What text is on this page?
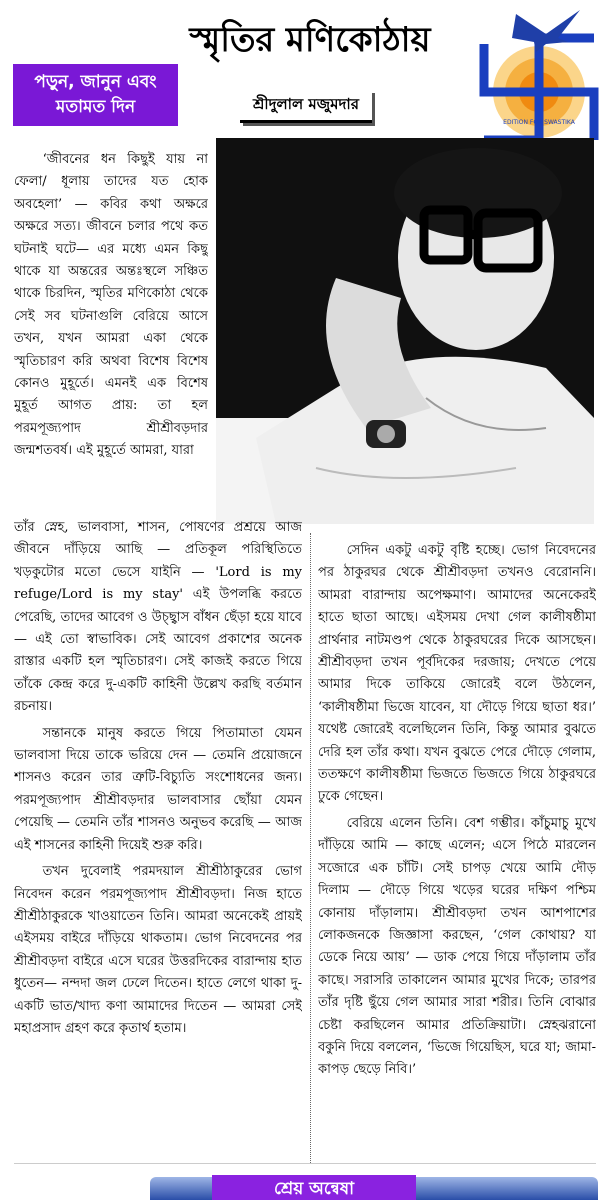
স্মৃতির মণিকোঠায়
পড়ুন, জানুন এবং
মতামত দিন	শ্রীদুলাল মজুমদার
EDITION FOR SWASTIKA

‘জীবনের ধন কিছুই যায় না ফেলা/ ধূলায় তাদের যত হোক অবহেলা’ — কবির কথা অক্ষরে অক্ষরে সত্য। জীবনে চলার পথে কত ঘটনাই ঘটে— এর মধ্যে এমন কিছু থাকে যা অন্তরের অন্তঃস্থলে সঞ্চিত থাকে চিরদিন, স্মৃতির মণিকোঠা থেকে সেই সব ঘটনাগুলি বেরিয়ে আসে তখন, যখন আমরা একা থেকে স্মৃতিচারণ করি অথবা বিশেষ বিশেষ কোনও মুহূর্তে। এমনই এক বিশেষ মুহূর্ত আগত প্রায়: তা হল পরমপূজ্যপাদ শ্রীশ্রীবড়দার জন্মশতবর্ষ। এই মুহূর্তে আমরা, যারা

তাঁর স্নেহ, ভালবাসা, শাসন, পোষণের প্রশ্রয়ে আজ জীবনে দাঁড়িয়ে আছি — প্রতিকূল পরিস্থিতিতে খড়কুটোর মতো ভেসে যাইনি — 'Lord is my refuge/Lord is my stay' এই উপলব্ধি করতে পেরেছি, তাদের আবেগ ও উচ্ছ্বাস বাঁধন ছেঁড়া হয়ে যাবে — এই তো স্বাভাবিক। সেই আবেগ প্রকাশের অনেক রাস্তার একটি হল স্মৃতিচারণ। সেই কাজই করতে গিয়ে তাঁকে কেন্দ্র করে দু-একটি কাহিনী উল্লেখ করছি বর্তমান রচনায়।

সন্তানকে মানুষ করতে গিয়ে পিতামাতা যেমন ভালবাসা দিয়ে তাকে ভরিয়ে দেন — তেমনি প্রয়োজনে শাসনও করেন তার ত্রুটি-বিচ্যুতি সংশোধনের জন্য। পরমপূজ্যপাদ শ্রীশ্রীবড়দার ভালবাসার ছোঁয়া যেমন পেয়েছি — তেমনি তাঁর শাসনও অনুভব করেছি — আজ এই শাসনের কাহিনী দিয়েই শুরু করি।

তখন দুবেলাই পরমদয়াল শ্রীশ্রীঠাকুরের ভোগ নিবেদন করেন পরমপূজ্যপাদ শ্রীশ্রীবড়দা। নিজ হাতে শ্রীশ্রীঠাকুরকে খাওয়াতেন তিনি। আমরা অনেকেই প্রায়ই এইসময় বাইরে দাঁড়িয়ে থাকতাম। ভোগ নিবেদনের পর শ্রীশ্রীবড়দা বাইরে এসে ঘরের উত্তরদিকের বারান্দায় হাত ধুতেন— নন্দদা জল ঢেলে দিতেন। হাতে লেগে থাকা দু-একটি ভাত/খাদ্য কণা আমাদের দিতেন — আমরা সেই মহাপ্রসাদ গ্রহণ করে কৃতার্থ হতাম।

সেদিন একটু একটু বৃষ্টি হচ্ছে। ভোগ নিবেদনের পর ঠাকুরঘর থেকে শ্রীশ্রীবড়দা তখনও বেরোননি। আমরা বারান্দায় অপেক্ষমাণ। আমাদের অনেকেরই হাতে ছাতা আছে। এইসময় দেখা গেল কালীষষ্ঠীমা প্রার্থনার নাটমণ্ডপ থেকে ঠাকুরঘরের দিকে আসছেন। শ্রীশ্রীবড়দা তখন পূর্বদিকের দরজায়; দেখতে পেয়ে আমার দিকে তাকিয়ে জোরেই বলে উঠলেন, ‘কালীষষ্ঠীমা ভিজে যাবেন, যা দৌড়ে গিয়ে ছাতা ধর।’ যথেষ্ট জোরেই বলেছিলেন তিনি, কিন্তু আমার বুঝতে দেরি হল তাঁর কথা। যখন বুঝতে পেরে দৌড়ে গেলাম, ততক্ষণে কালীষষ্ঠীমা ভিজতে ভিজতে গিয়ে ঠাকুরঘরে ঢুকে গেছেন।

বেরিয়ে এলেন তিনি। বেশ গম্ভীর। কাঁচুমাচু মুখে দাঁড়িয়ে আমি — কাছে এলেন; এসে পিঠে মারলেন সজোরে এক চাঁটি। সেই চাপড় খেয়ে আমি দৌড় দিলাম — দৌড়ে গিয়ে খড়ের ঘরের দক্ষিণ পশ্চিম কোনায় দাঁড়ালাম। শ্রীশ্রীবড়দা তখন আশপাশের লোকজনকে জিজ্ঞাসা করছেন, ‘গেল কোথায়? যা ডেকে নিয়ে আয়’ — ডাক পেয়ে গিয়ে দাঁড়ালাম তাঁর কাছে। সরাসরি তাকালেন আমার মুখের দিকে; তারপর তাঁর দৃষ্টি ছুঁয়ে গেল আমার সারা শরীর। তিনি বোঝার চেষ্টা করছিলেন আমার প্রতিক্রিয়াটা। স্নেহঝরানো বকুনি দিয়ে বললেন, ‘ভিজে গিয়েছিস, ঘরে যা; জামা-কাপড় ছেড়ে নিবি।’

শ্রেয় অন্বেষা
